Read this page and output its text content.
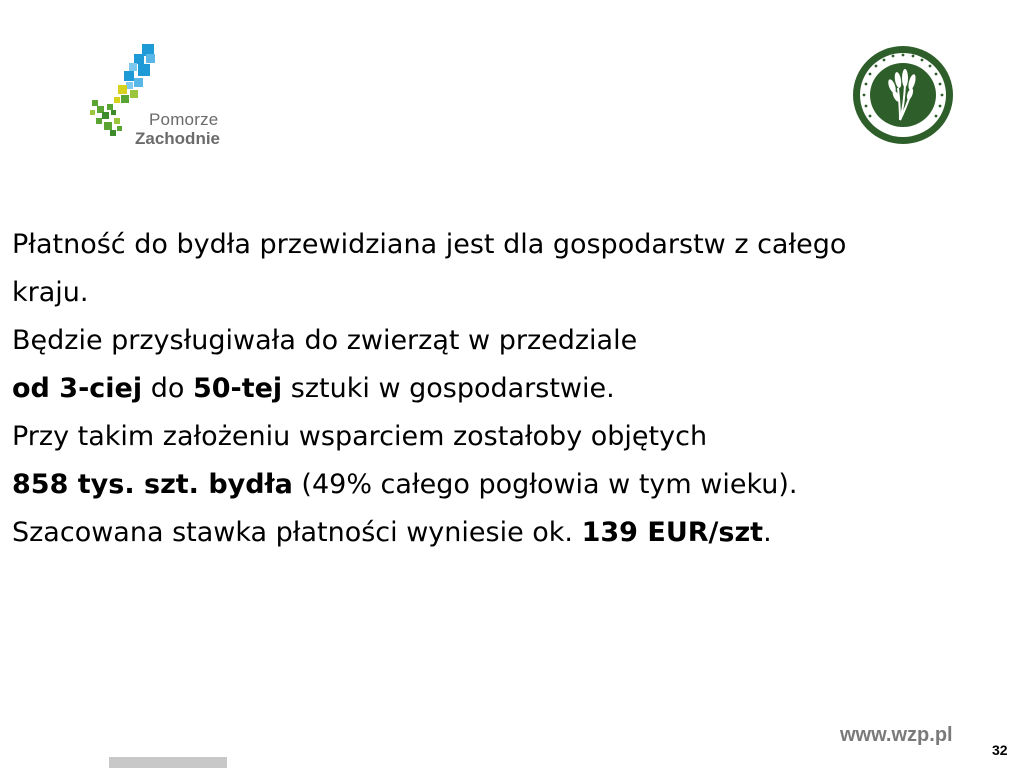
Pomorze
Zachodnie
Płatność do bydła przewidziana jest dla gospodarstw z całego
kraju.
Będzie przysługiwała do zwierząt w przedziale
od 3-ciej do 50-tej sztuki w gospodarstwie.
Przy takim założeniu wsparciem zostałoby objętych
858 tys. szt. bydła (49% całego pogłowia w tym wieku).
Szacowana stawka płatności wyniesie ok. 139 EUR/szt.
www.wzp.pl
32
